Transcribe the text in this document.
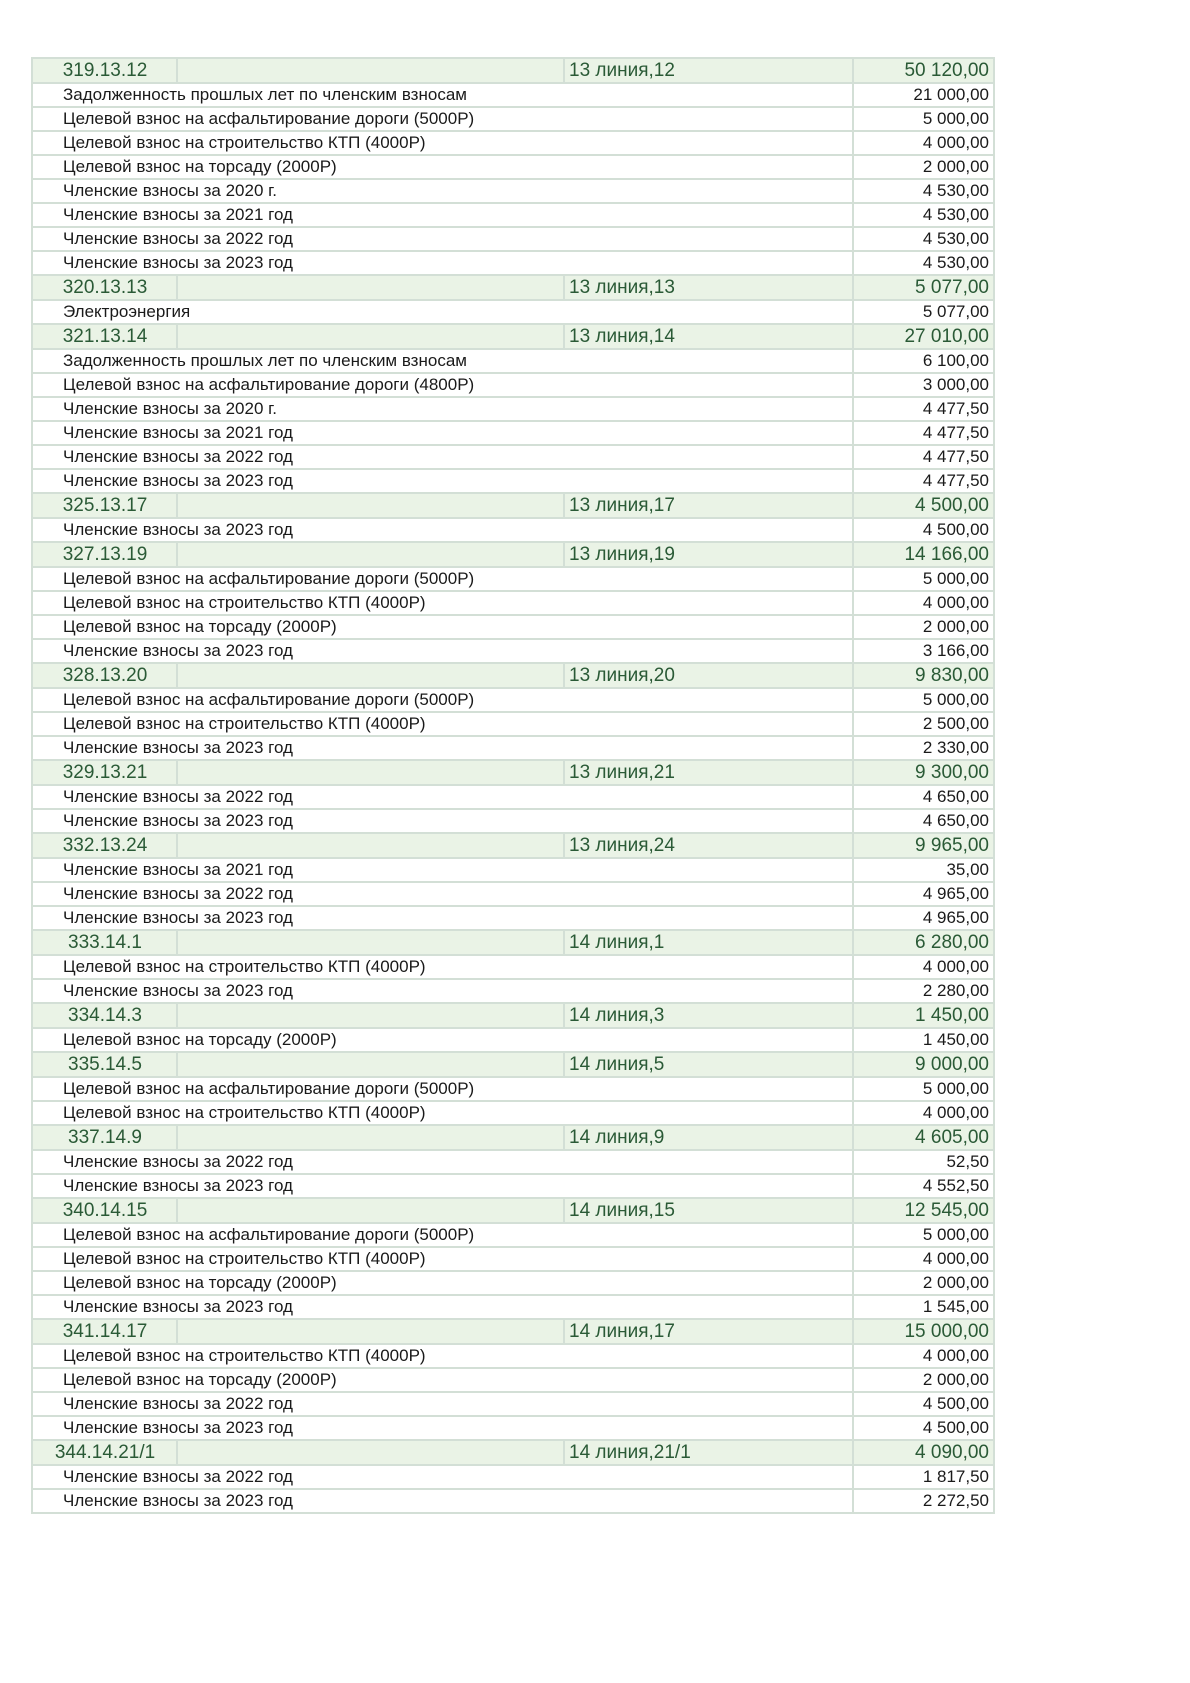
319.13.12		13 линия,12	50 120,00
Задолженность прошлых лет по членским взносам			21 000,00
Целевой взнос на асфальтирование дороги (5000Р)			5 000,00
Целевой взнос на строительство КТП (4000Р)			4 000,00
Целевой взнос на торсаду (2000Р)			2 000,00
Членские взносы за 2020 г.			4 530,00
Членские взносы за 2021 год			4 530,00
Членские взносы за 2022 год			4 530,00
Членские взносы за 2023 год			4 530,00
320.13.13		13 линия,13	5 077,00
Электроэнергия			5 077,00
321.13.14		13 линия,14	27 010,00
Задолженность прошлых лет по членским взносам			6 100,00
Целевой взнос на асфальтирование дороги (4800Р)			3 000,00
Членские взносы за 2020 г.			4 477,50
Членские взносы за 2021 год			4 477,50
Членские взносы за 2022 год			4 477,50
Членские взносы за 2023 год			4 477,50
325.13.17		13 линия,17	4 500,00
Членские взносы за 2023 год			4 500,00
327.13.19		13 линия,19	14 166,00
Целевой взнос на асфальтирование дороги (5000Р)			5 000,00
Целевой взнос на строительство КТП (4000Р)			4 000,00
Целевой взнос на торсаду (2000Р)			2 000,00
Членские взносы за 2023 год			3 166,00
328.13.20		13 линия,20	9 830,00
Целевой взнос на асфальтирование дороги (5000Р)			5 000,00
Целевой взнос на строительство КТП (4000Р)			2 500,00
Членские взносы за 2023 год			2 330,00
329.13.21		13 линия,21	9 300,00
Членские взносы за 2022 год			4 650,00
Членские взносы за 2023 год			4 650,00
332.13.24		13 линия,24	9 965,00
Членские взносы за 2021 год			35,00
Членские взносы за 2022 год			4 965,00
Членские взносы за 2023 год			4 965,00
333.14.1		14 линия,1	6 280,00
Целевой взнос на строительство КТП (4000Р)			4 000,00
Членские взносы за 2023 год			2 280,00
334.14.3		14 линия,3	1 450,00
Целевой взнос на торсаду (2000Р)			1 450,00
335.14.5		14 линия,5	9 000,00
Целевой взнос на асфальтирование дороги (5000Р)			5 000,00
Целевой взнос на строительство КТП (4000Р)			4 000,00
337.14.9		14 линия,9	4 605,00
Членские взносы за 2022 год			52,50
Членские взносы за 2023 год			4 552,50
340.14.15		14 линия,15	12 545,00
Целевой взнос на асфальтирование дороги (5000Р)			5 000,00
Целевой взнос на строительство КТП (4000Р)			4 000,00
Целевой взнос на торсаду (2000Р)			2 000,00
Членские взносы за 2023 год			1 545,00
341.14.17		14 линия,17	15 000,00
Целевой взнос на строительство КТП (4000Р)			4 000,00
Целевой взнос на торсаду (2000Р)			2 000,00
Членские взносы за 2022 год			4 500,00
Членские взносы за 2023 год			4 500,00
344.14.21/1		14 линия,21/1	4 090,00
Членские взносы за 2022 год			1 817,50
Членские взносы за 2023 год			2 272,50
